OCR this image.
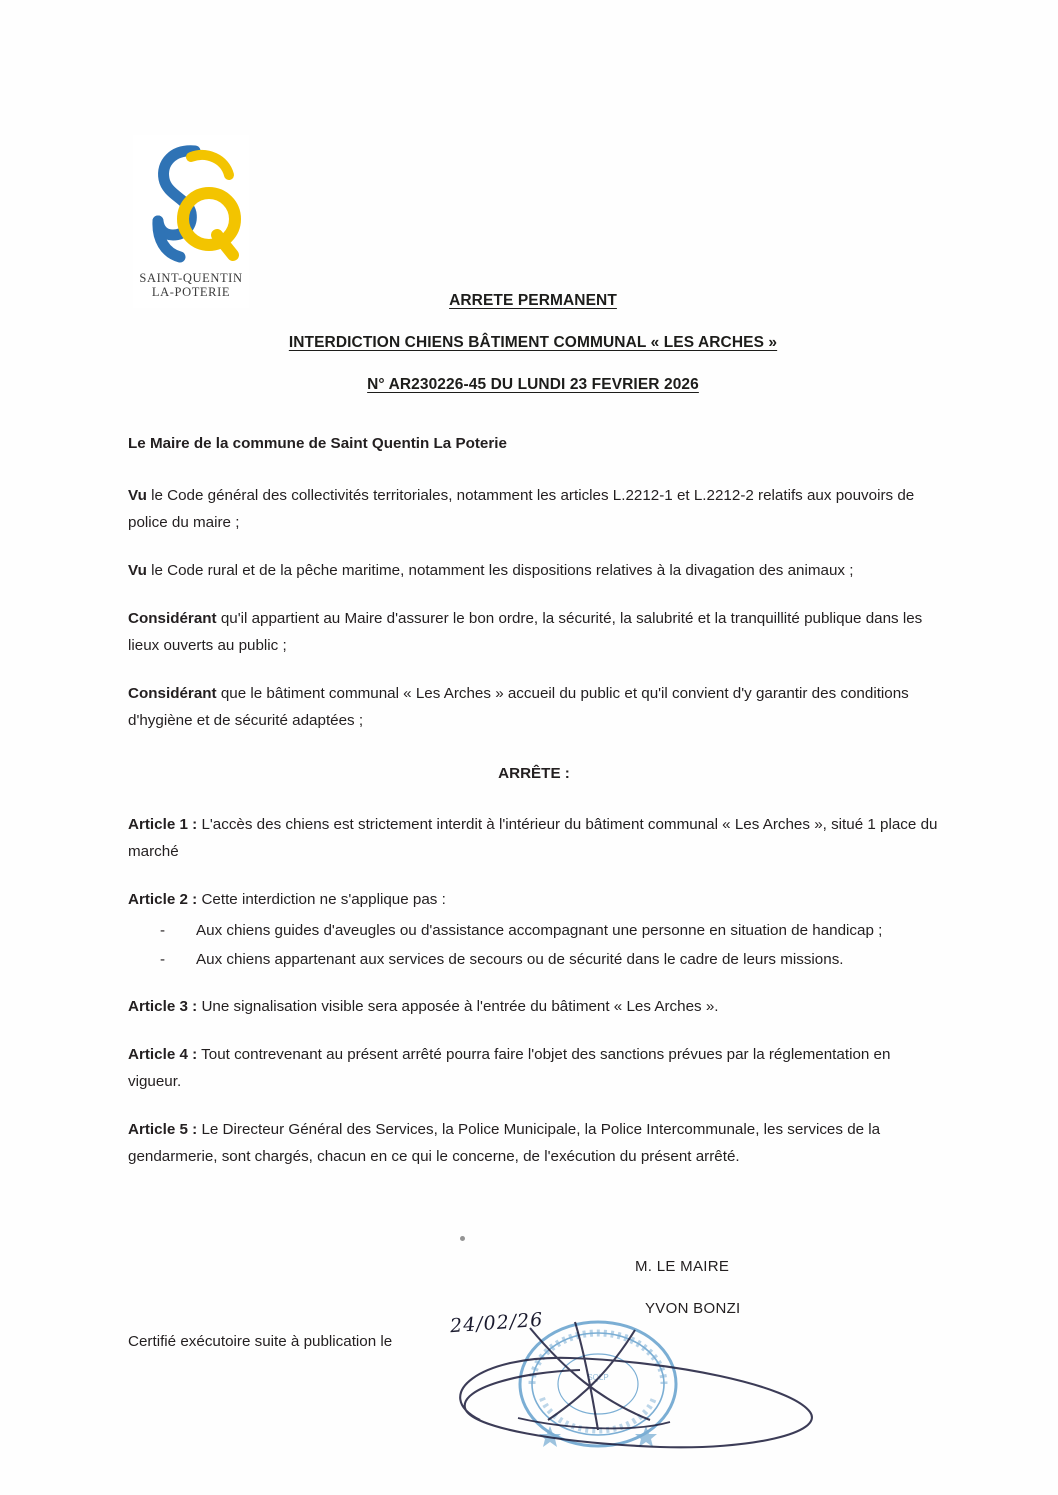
SAINT-QUENTIN
LA-POTERIE	ARRETE PERMANENT
INTERDICTION CHIENS BÂTIMENT COMMUNAL « LES ARCHES »
N° AR230226-45 DU LUNDI 23 FEVRIER 2026

Le Maire de la commune de Saint Quentin La Poterie

Vu le Code général des collectivités territoriales, notamment les articles L.2212-1 et L.2212-2 relatifs aux pouvoirs de police du maire ;

Vu le Code rural et de la pêche maritime, notamment les dispositions relatives à la divagation des animaux ;

Considérant qu'il appartient au Maire d'assurer le bon ordre, la sécurité, la salubrité et la tranquillité publique dans les lieux ouverts au public ;

Considérant que le bâtiment communal « Les Arches » accueil du public et qu'il convient d'y garantir des conditions d'hygiène et de sécurité adaptées ;

ARRÊTE :

Article 1 : L'accès des chiens est strictement interdit à l'intérieur du bâtiment communal « Les Arches », situé 1 place du marché

Article 2 : Cette interdiction ne s'applique pas :

- Aux chiens guides d'aveugles ou d'assistance accompagnant une personne en situation de handicap ;
- Aux chiens appartenant aux services de secours ou de sécurité dans le cadre de leurs missions.

Article 3 : Une signalisation visible sera apposée à l'entrée du bâtiment « Les Arches ».

Article 4 : Tout contrevenant au présent arrêté pourra faire l'objet des sanctions prévues par la réglementation en vigueur.

Article 5 : Le Directeur Général des Services, la Police Municipale, la Police Intercommunale, les services de la gendarmerie, sont chargés, chacun en ce qui le concerne, de l'exécution du présent arrêté.

M. LE MAIRE
YVON BONZI
Certifié exécutoire suite à publication le
24/02/26
SQLP
